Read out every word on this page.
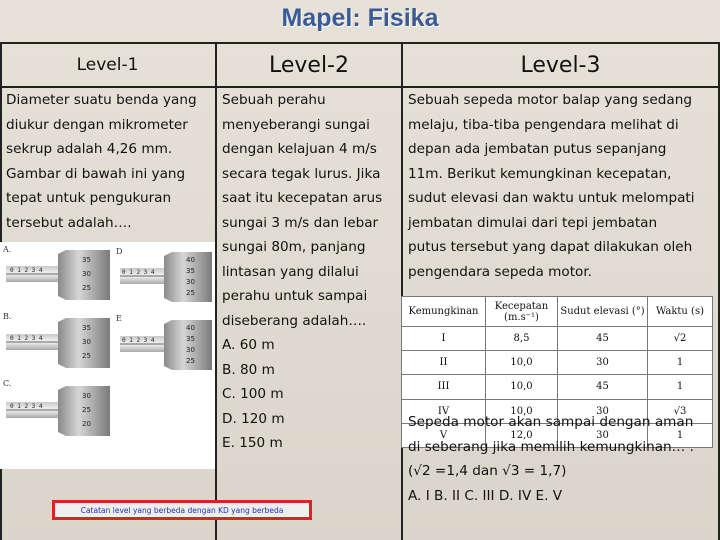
Mapel: Fisika
Level-1	Level-2	Level-3
Diameter suatu benda yang
diukur dengan mikrometer
sekrup adalah 4,26 mm.
Gambar di bawah ini yang
tepat untuk pengukuran
tersebut adalah….
A.
B.
C.
D
E
0 1 2 3 4
35
30
25
0 1 2 3 4
35
30
25
0 1 2 3 4
30
25
20
0 1 2 3 4
40
35
30
25
0 1 2 3 4
40
35
30
25
Sebuah perahu
menyeberangi sungai
dengan kelajuan 4 m/s
secara tegak lurus. Jika
saat itu kecepatan arus
sungai 3 m/s dan lebar
sungai 80m, panjang
lintasan yang dilalui
perahu untuk sampai
diseberang adalah….
A. 60 m
B. 80 m
C. 100 m
D. 120 m
E. 150 m
Sebuah sepeda motor balap yang sedang
melaju, tiba-tiba pengendara melihat di
depan ada jembatan putus sepanjang
11m. Berikut kemungkinan kecepatan,
sudut elevasi dan waktu untuk melompati
jembatan dimulai dari tepi jembatan
putus tersebut yang dapat dilakukan oleh
pengendara sepeda motor.
Kemungkinan	Kecepatan (m.s⁻¹)	Sudut elevasi (°)	Waktu (s)
I	8,5	45	√2
II	10,0	30	1
III	10,0	45	1
IV	10,0	30	√3
V	12,0	30	1
Sepeda motor akan sampai dengan aman
di seberang jika memilih kemungkinan… .
(√2 =1,4 dan √3 = 1,7)
A. I B. II C. III D. IV E. V
Catatan level yang berbeda dengan KD yang berbeda
